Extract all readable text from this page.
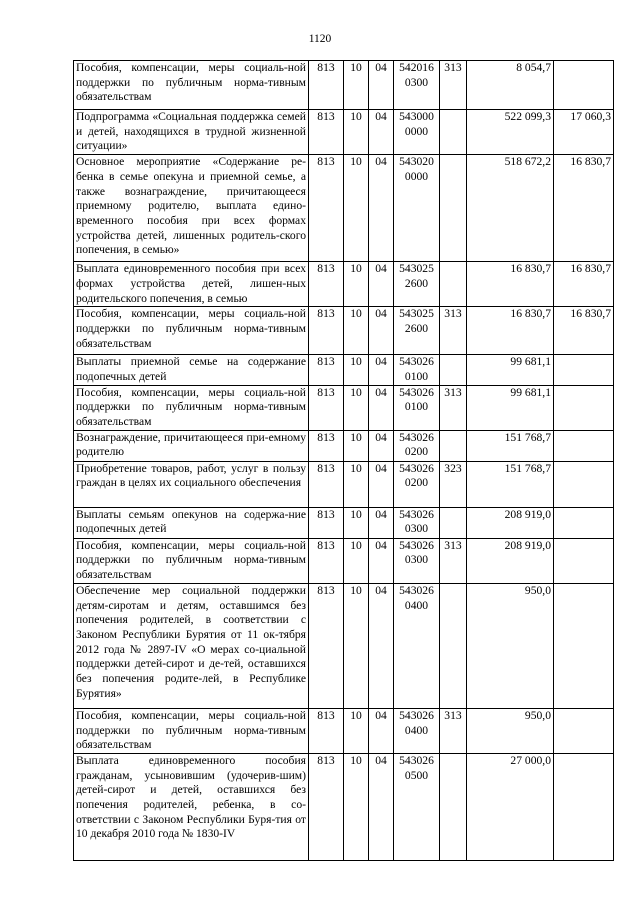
1120
Пособия, компенсации, меры социаль-ной поддержки по публичным норма-тивным обязательствам	813	10	04	542016 0300	313	8 054,7	
Подпрограмма «Социальная поддержка семей и детей, находящихся в трудной жизненной ситуации»	813	10	04	543000 0000		522 099,3	17 060,3
Основное мероприятие «Содержание ре-бенка в семье опекуна и приемной семье, а также вознаграждение, причитающееся приемному родителю, выплата едино-временного пособия при всех формах устройства детей, лишенных родитель-ского попечения, в семью»	813	10	04	543020 0000		518 672,2	16 830,7
Выплата единовременного пособия при всех формах устройства детей, лишен-ных родительского попечения, в семью	813	10	04	543025 2600		16 830,7	16 830,7
Пособия, компенсации, меры социаль-ной поддержки по публичным норма-тивным обязательствам	813	10	04	543025 2600	313	16 830,7	16 830,7
Выплаты приемной семье на содержание подопечных детей	813	10	04	543026 0100		99 681,1	
Пособия, компенсации, меры социаль-ной поддержки по публичным норма-тивным обязательствам	813	10	04	543026 0100	313	99 681,1	
Вознаграждение, причитающееся при-емному родителю	813	10	04	543026 0200		151 768,7	
Приобретение товаров, работ, услуг в пользу граждан в целях их социального обеспечения	813	10	04	543026 0200	323	151 768,7	
Выплаты семьям опекунов на содержа-ние подопечных детей	813	10	04	543026 0300		208 919,0	
Пособия, компенсации, меры социаль-ной поддержки по публичным норма-тивным обязательствам	813	10	04	543026 0300	313	208 919,0	
Обеспечение мер социальной поддержки детям-сиротам и детям, оставшимся без попечения родителей, в соответствии с Законом Республики Бурятия от 11 ок-тября 2012 года № 2897-IV «О мерах со-циальной поддержки детей-сирот и де-тей, оставшихся без попечения родите-лей, в Республике Бурятия»	813	10	04	543026 0400		950,0	
Пособия, компенсации, меры социаль-ной поддержки по публичным норма-тивным обязательствам	813	10	04	543026 0400	313	950,0	
Выплата единовременного пособия гражданам, усыновившим (удочерив-шим) детей-сирот и детей, оставшихся без попечения родителей, ребенка, в со-ответствии с Законом Республики Буря-тия от 10 декабря 2010 года № 1830-IV	813	10	04	543026 0500		27 000,0	
